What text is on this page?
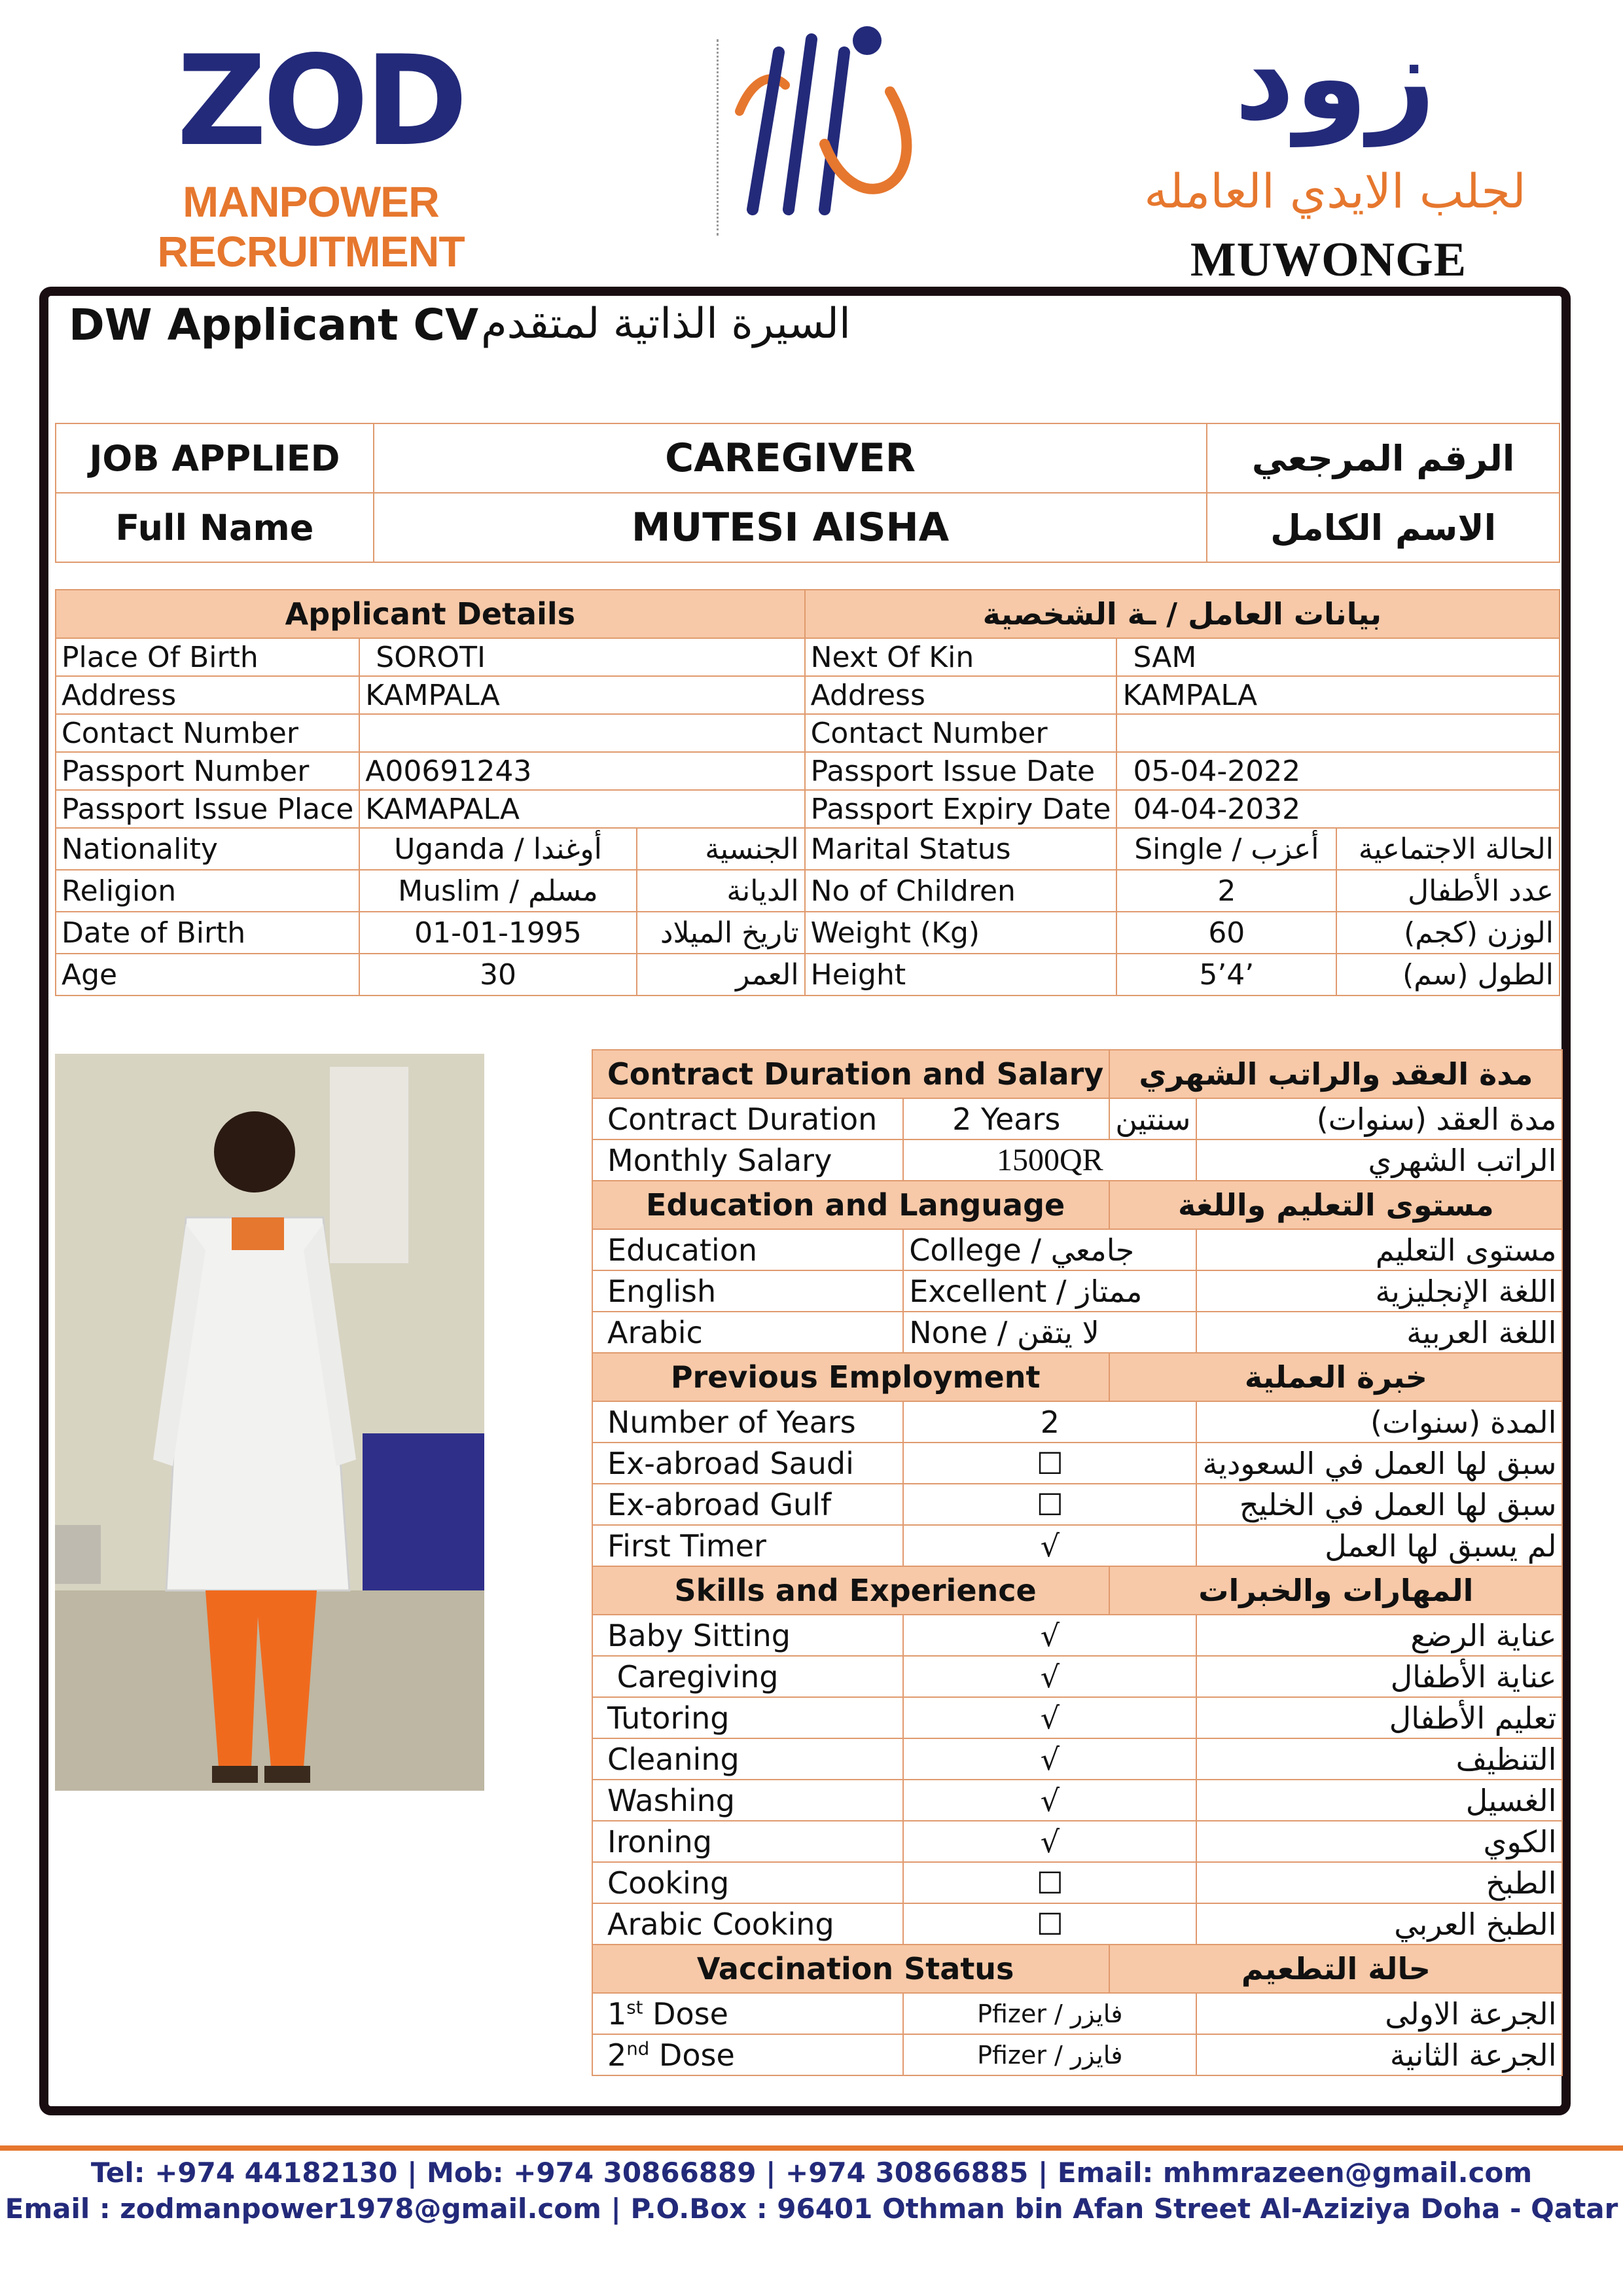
ZOD
MANPOWER RECRUITMENT
زود
لجلب الايدي العامله
MUWONGE
DW Applicant CV السيرة الذاتية لمتقدم
JOB APPLIED	CAREGIVER	الرقم المرجعي
Full Name	MUTESI AISHA	الاسم الكامل
Applicant Details			بيانات العامل / ـة الشخصية		
Place Of Birth	SOROTI		Next Of Kin	SAM	
Address	KAMPALA		Address	KAMPALA	
Contact Number			Contact Number		
Passport Number	A00691243		Passport Issue Date	05-04-2022	
Passport Issue Place	KAMAPALA		Passport Expiry Date	04-04-2032	
Nationality	Uganda / أوغندا	الجنسية	Marital Status	Single / أعزب	الحالة الاجتماعية
Religion	Muslim / مسلم	الديانة	No of Children	2	عدد الأطفال
Date of Birth	01-01-1995	تاريخ الميلاد	Weight (Kg)	60	الوزن (كجم)
Age	30	العمر	Height	5’4’	الطول (سم)
Contract Duration and Salary		مدة العقد والراتب الشهري	
Contract Duration	2 Years	سنتين	مدة العقد (سنوات)
Monthly Salary	1500QR		الراتب الشهري
Education and Language		مستوى التعليم واللغة	
Education	College / جامعي		مستوى التعليم
English	Excellent / ممتاز		اللغة الإنجليزية
Arabic	None / لا يتقن		اللغة العربية
Previous Employment		خبرة العملية	
Number of Years	2		المدة (سنوات)
Ex-abroad Saudi	☐		سبق لها العمل في السعودية
Ex-abroad Gulf	☐		سبق لها العمل في الخليج
First Timer	√		لم يسبق لها العمل
Skills and Experience		المهارات والخبرات	
Baby Sitting	√		عناية الرضع
Caregiving	√		عناية الأطفال
Tutoring	√		تعليم الأطفال
Cleaning	√		التنظيف
Washing	√		الغسيل
Ironing	√		الكوي
Cooking	☐		الطبخ
Arabic Cooking	☐		الطبخ العربي
Vaccination Status		حالة التطعيم	
1st Dose	Pfizer / فايزر		الجرعة الاولى
2nd Dose	Pfizer / فايزر		الجرعة الثانية
Tel: +974 44182130 | Mob: +974 30866889 | +974 30866885 | Email: mhmrazeen@gmail.com
Email : zodmanpower1978@gmail.com | P.O.Box : 96401 Othman bin Afan Street Al-Aziziya Doha - Qatar
